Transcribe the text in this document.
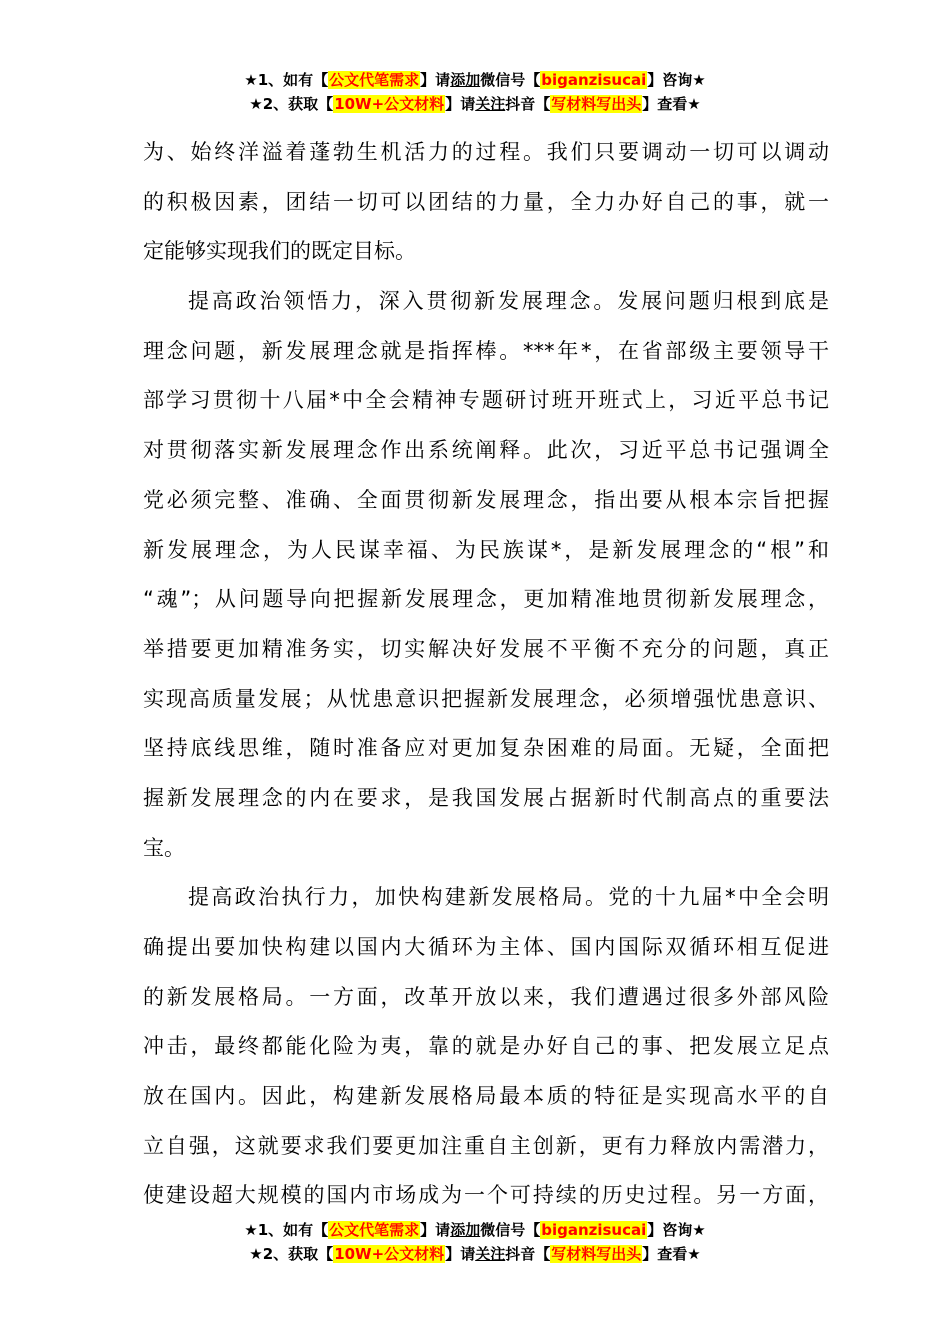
★1、如有【公文代笔需求】请添加微信号【biganzisucai】咨询★
★2、获取【10W+公文材料】请关注抖音【写材料写出头】查看★
为、始终洋溢着蓬勃生机活力的过程。我们只要调动一切可以调动
的积极因素，团结一切可以团结的力量，全力办好自己的事，就一
定能够实现我们的既定目标。
提高政治领悟力，深入贯彻新发展理念。发展问题归根到底是
理念问题，新发展理念就是指挥棒。***年*，在省部级主要领导干
部学习贯彻十八届*中全会精神专题研讨班开班式上，习近平总书记
对贯彻落实新发展理念作出系统阐释。此次，习近平总书记强调全
党必须完整、准确、全面贯彻新发展理念，指出要从根本宗旨把握
新发展理念，为人民谋幸福、为民族谋*，是新发展理念的“根”和
“魂”；从问题导向把握新发展理念，更加精准地贯彻新发展理念，
举措要更加精准务实，切实解决好发展不平衡不充分的问题，真正
实现高质量发展；从忧患意识把握新发展理念，必须增强忧患意识、
坚持底线思维，随时准备应对更加复杂困难的局面。无疑，全面把
握新发展理念的内在要求，是我国发展占据新时代制高点的重要法
宝。
提高政治执行力，加快构建新发展格局。党的十九届*中全会明
确提出要加快构建以国内大循环为主体、国内国际双循环相互促进
的新发展格局。一方面，改革开放以来，我们遭遇过很多外部风险
冲击，最终都能化险为夷，靠的就是办好自己的事、把发展立足点
放在国内。因此，构建新发展格局最本质的特征是实现高水平的自
立自强，这就要求我们要更加注重自主创新，更有力释放内需潜力，
使建设超大规模的国内市场成为一个可持续的历史过程。另一方面，
★1、如有【公文代笔需求】请添加微信号【biganzisucai】咨询★
★2、获取【10W+公文材料】请关注抖音【写材料写出头】查看★
